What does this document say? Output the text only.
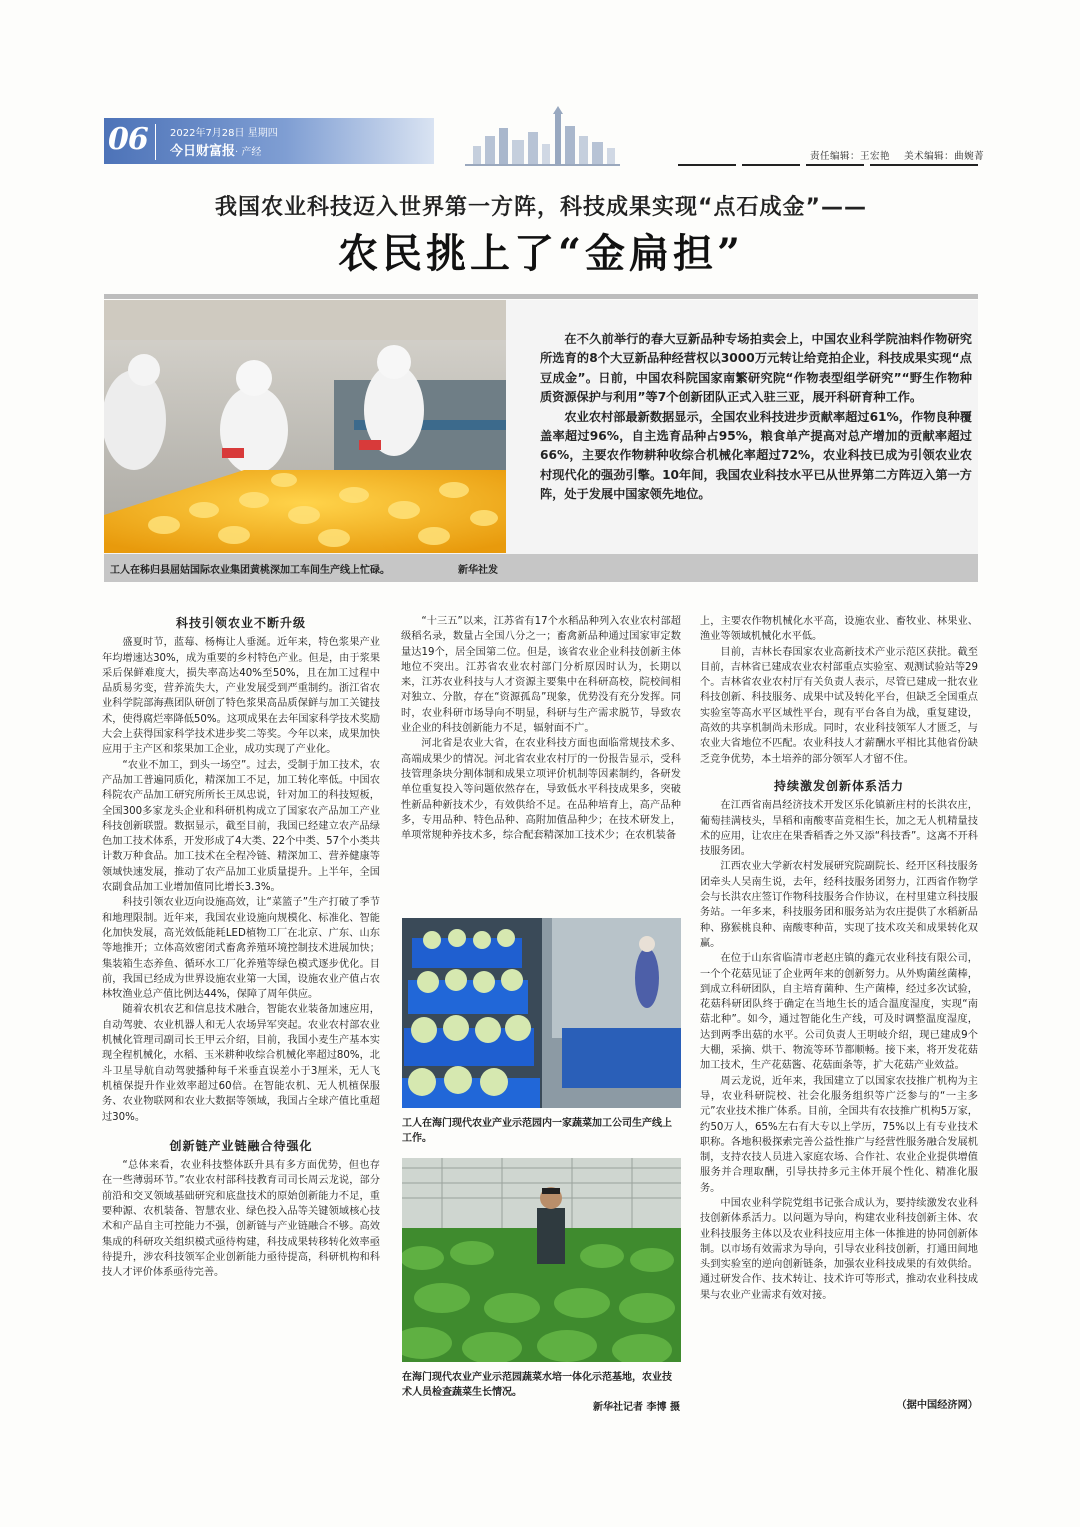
06 2022年7月28日 星期四
今日财富报· 产经	责任编辑：王宏艳 美术编辑：曲婉菁
我国农业科技迈入世界第一方阵，科技成果实现“点石成金”——
农民挑上了“金扁担”

在不久前举行的春大豆新品种专场拍卖会上，中国农业科学院油料作物研究所选育的8个大豆新品种经营权以3000万元转让给竞拍企业，科技成果实现“点豆成金”。日前，中国农科院国家南繁研究院“作物表型组学研究”“野生作物种质资源保护与利用”等7个创新团队正式入驻三亚，展开科研育种工作。

农业农村部最新数据显示，全国农业科技进步贡献率超过61%，作物良种覆盖率超过96%，自主选育品种占95%，粮食单产提高对总产增加的贡献率超过66%，主要农作物耕种收综合机械化率超过72%，农业科技已成为引领农业农村现代化的强劲引擎。10年间，我国农业科技水平已从世界第二方阵迈入第一方阵，处于发展中国家领先地位。

工人在秭归县屈姑国际农业集团黄桃深加工车间生产线上忙碌。	新华社发
科技引领农业不断升级

盛夏时节，蓝莓、杨梅让人垂涎。近年来，特色浆果产业年均增速达30%，成为重要的乡村特色产业。但是，由于浆果采后保鲜难度大，损失率高达40%至50%，且在加工过程中品质易劣变，营养流失大，产业发展受到严重制约。浙江省农业科学院部海燕团队研创了特色浆果高品质保鲜与加工关键技术，使得腐烂率降低50%。这项成果在去年国家科学技术奖励大会上获得国家科学技术进步奖二等奖。今年以来，成果加快应用于主产区和浆果加工企业，成功实现了产业化。

“农业不加工，到头一场空”。过去，受制于加工技术，农产品加工普遍同质化，精深加工不足，加工转化率低。中国农科院农产品加工研究所所长王凤忠说，针对加工的科技短板，全国300多家龙头企业和科研机构成立了国家农产品加工产业科技创新联盟。数据显示，截至目前，我国已经建立农产品绿色加工技术体系，开发形成了4大类、22个中类、57个小类共计数万种食品。加工技术在全程冷链、精深加工、营养健康等领域快速发展，推动了农产品加工业质量提升。上半年，全国农副食品加工业增加值同比增长3.3%。

科技引领农业迈向设施高效，让“菜篮子”生产打破了季节和地理限制。近年来，我国农业设施向规模化、标准化、智能化加快发展，高光效低能耗LED植物工厂在北京、广东、山东等地推开；立体高效密闭式畜禽养殖环境控制技术进展加快；集装箱生态养鱼、循环水工厂化养殖等绿色模式逐步优化。目前，我国已经成为世界设施农业第一大国，设施农业产值占农林牧渔业总产值比例达44%，保障了周年供应。

随着农机农艺和信息技术融合，智能农业装备加速应用，自动驾驶、农业机器人和无人农场异军突起。农业农村部农业机械化管理司副司长王甲云介绍，目前，我国小麦生产基本实现全程机械化，水稻、玉米耕种收综合机械化率超过80%，北斗卫星导航自动驾驶播种每千米垂直误差小于3厘米，无人飞机植保提升作业效率超过60倍。在智能农机、无人机植保服务、农业物联网和农业大数据等领域，我国占全球产值比重超过30%。

创新链产业链融合待强化

“总体来看，农业科技整体跃升具有多方面优势，但也存在一些薄弱环节。”农业农村部科技教育司司长周云龙说，部分前沿和交叉领域基础研究和底盘技术的原始创新能力不足，重要种源、农机装备、智慧农业、绿色投入品等关键领域核心技术和产品自主可控能力不强，创新链与产业链融合不够。高效集成的科研攻关组织模式亟待构建，科技成果转移转化效率亟待提升，涉农科技领军企业创新能力亟待提高，科研机构和科技人才评价体系亟待完善。

“十三五”以来，江苏省有17个水稻品种列入农业农村部超级稻名录，数量占全国八分之一；畜禽新品种通过国家审定数量达19个，居全国第二位。但是，该省农业企业科技创新主体地位不突出。江苏省农业农村部门分析原因时认为，长期以来，江苏农业科技与人才资源主要集中在科研高校，院校间相对独立、分散，存在“资源孤岛”现象，优势没有充分发挥。同时，农业科研市场导向不明显，科研与生产需求脱节，导致农业企业的科技创新能力不足，辐射面不广。

河北省是农业大省，在农业科技方面也面临常规技术多、高端成果少的情况。河北省农业农村厅的一份报告显示，受科技管理条块分割体制和成果立项评价机制等因素制约，各研发单位重复投入等问题依然存在，导致低水平科技成果多，突破性新品种新技术少，有效供给不足。在品种培育上，高产品种多，专用品种、特色品种、高附加值品种少；在技术研发上，单项常规种养技术多，综合配套精深加工技术少；在农机装备

工人在海门现代农业产业示范园内一家蔬菜加工公司生产线上工作。
在海门现代农业产业示范园蔬菜水培一体化示范基地，农业技术人员检查蔬菜生长情况。
新华社记者 李博 摄

上，主要农作物机械化水平高，设施农业、畜牧业、林果业、渔业等领域机械化水平低。

目前，吉林长春国家农业高新技术产业示范区获批。截至目前，吉林省已建成农业农村部重点实验室、观测试验站等29个。吉林省农业农村厅有关负责人表示，尽管已建成一批农业科技创新、科技服务、成果中试及转化平台，但缺乏全国重点实验室等高水平区域性平台，现有平台各自为战，重复建设，高效的共享机制尚未形成。同时，农业科技领军人才匮乏，与农业大省地位不匹配。农业科技人才薪酬水平相比其他省份缺乏竞争优势，本土培养的部分领军人才留不住。

持续激发创新体系活力

在江西省南昌经济技术开发区乐化镇新庄村的长洪农庄，葡萄挂满枝头，旱稻和南酸枣苗竞相生长，加之无人机精量技术的应用，让农庄在果香稻香之外又添“科技香”。这离不开科技服务团。

江西农业大学新农村发展研究院副院长、经开区科技服务团牵头人吴南生说，去年，经科技服务团努力，江西省作物学会与长洪农庄签订作物科技服务合作协议，在村里建立科技服务站。一年多来，科技服务团和服务站为农庄提供了水稻新品种、猕猴桃良种、南酸枣种苗，实现了技术攻关和成果转化双赢。

在位于山东省临清市老赵庄镇的鑫元农业科技有限公司，一个个花菇见证了企业两年来的创新努力。从外购菌丝菌棒，到成立科研团队，自主培育菌种、生产菌棒，经过多次试验，花菇科研团队终于确定在当地生长的适合温度湿度，实现“南菇北种”。如今，通过智能化生产线，可及时调整温度湿度，达到两季出菇的水平。公司负责人王明岐介绍，现已建成9个大棚，采摘、烘干、物流等环节都顺畅。接下来，将开发花菇加工技术，生产花菇酱、花菇面条等，扩大花菇产业效益。

周云龙说，近年来，我国建立了以国家农技推广机构为主导，农业科研院校、社会化服务组织等广泛参与的“一主多元”农业技术推广体系。目前，全国共有农技推广机构5万家，约50万人，65%左右有大专以上学历，75%以上有专业技术职称。各地积极探索完善公益性推广与经营性服务融合发展机制，支持农技人员进入家庭农场、合作社、农业企业提供增值服务并合理取酬，引导扶持多元主体开展个性化、精准化服务。

中国农业科学院党组书记张合成认为，要持续激发农业科技创新体系活力。以问题为导向，构建农业科技创新主体、农业科技服务主体以及农业科技应用主体一体推进的协同创新体制。以市场有效需求为导向，引导农业科技创新，打通田间地头到实验室的逆向创新链条，加强农业科技成果的有效供给。通过研发合作、技术转让、技术许可等形式，推动农业科技成果与农业产业需求有效对接。

（据中国经济网）
